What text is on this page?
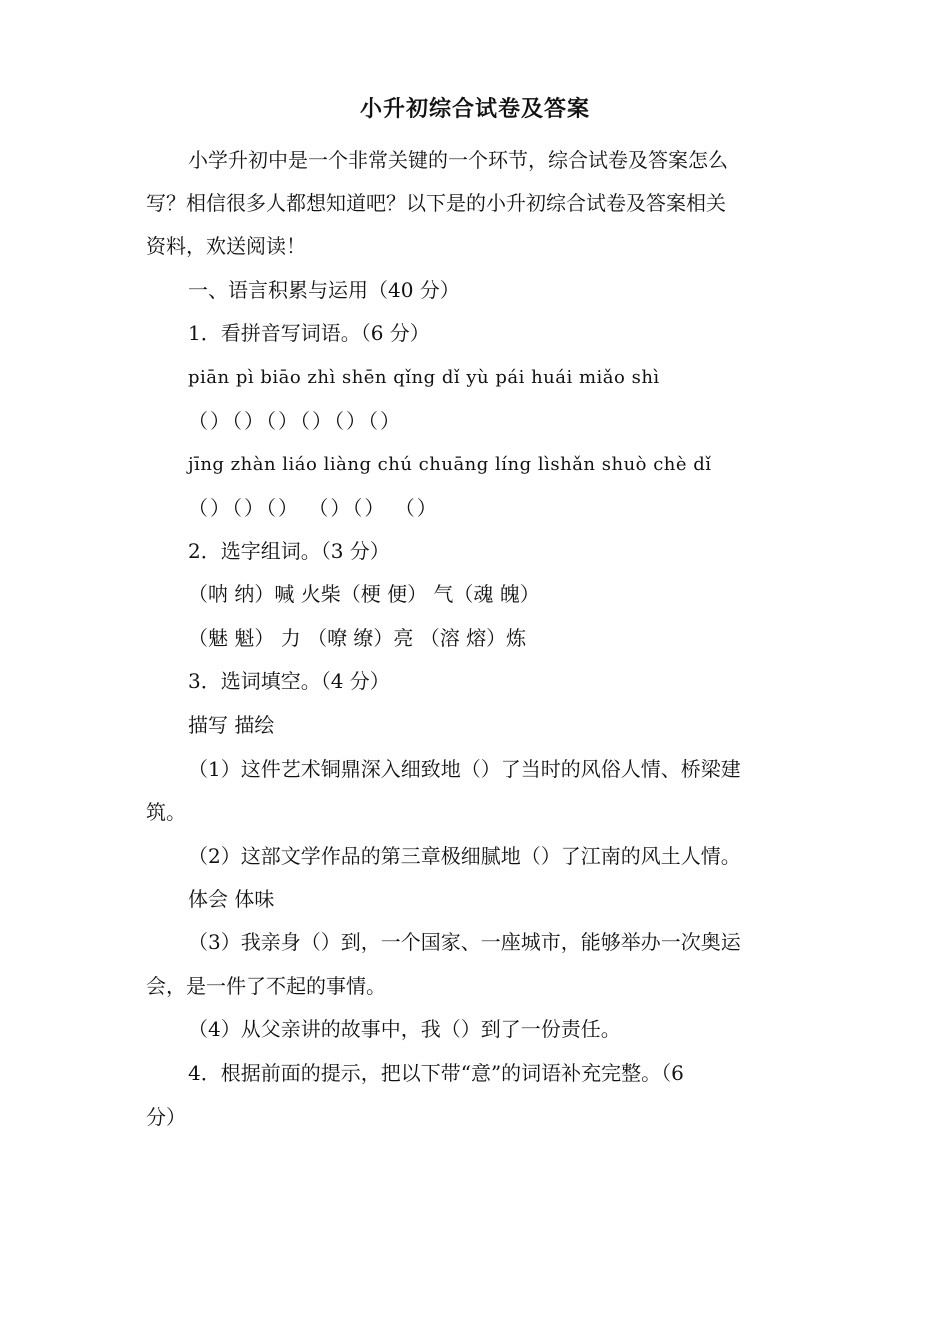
小升初综合试卷及答案
小学升初中是一个非常关键的一个环节，综合试卷及答案怎么
写？相信很多人都想知道吧？以下是的小升初综合试卷及答案相关
资料，欢送阅读！
一、语言积累与运用（40 分）
1．看拼音写词语。（6 分）
piān pì biāo zhì shēn qǐng dǐ yù pái huái miǎo shì
（）（）（）（）（）（）
jīng zhàn liáo liàng chú chuāng líng lìshǎn shuò chè dǐ
（）（）（） （）（） （）
2．选字组词。（3 分）
（呐 纳）喊 火柴（梗 便） 气（魂 魄）
（魅 魁） 力 （嘹 缭）亮 （溶 熔）炼
3．选词填空。（4 分）
描写 描绘
（1）这件艺术铜鼎深入细致地（）了当时的风俗人情、桥梁建
筑。
（2）这部文学作品的第三章极细腻地（）了江南的风土人情。
体会 体味
（3）我亲身（）到，一个国家、一座城市，能够举办一次奥运
会，是一件了不起的事情。
（4）从父亲讲的故事中，我（）到了一份责任。
4．根据前面的提示，把以下带“意”的词语补充完整。（6
分）
